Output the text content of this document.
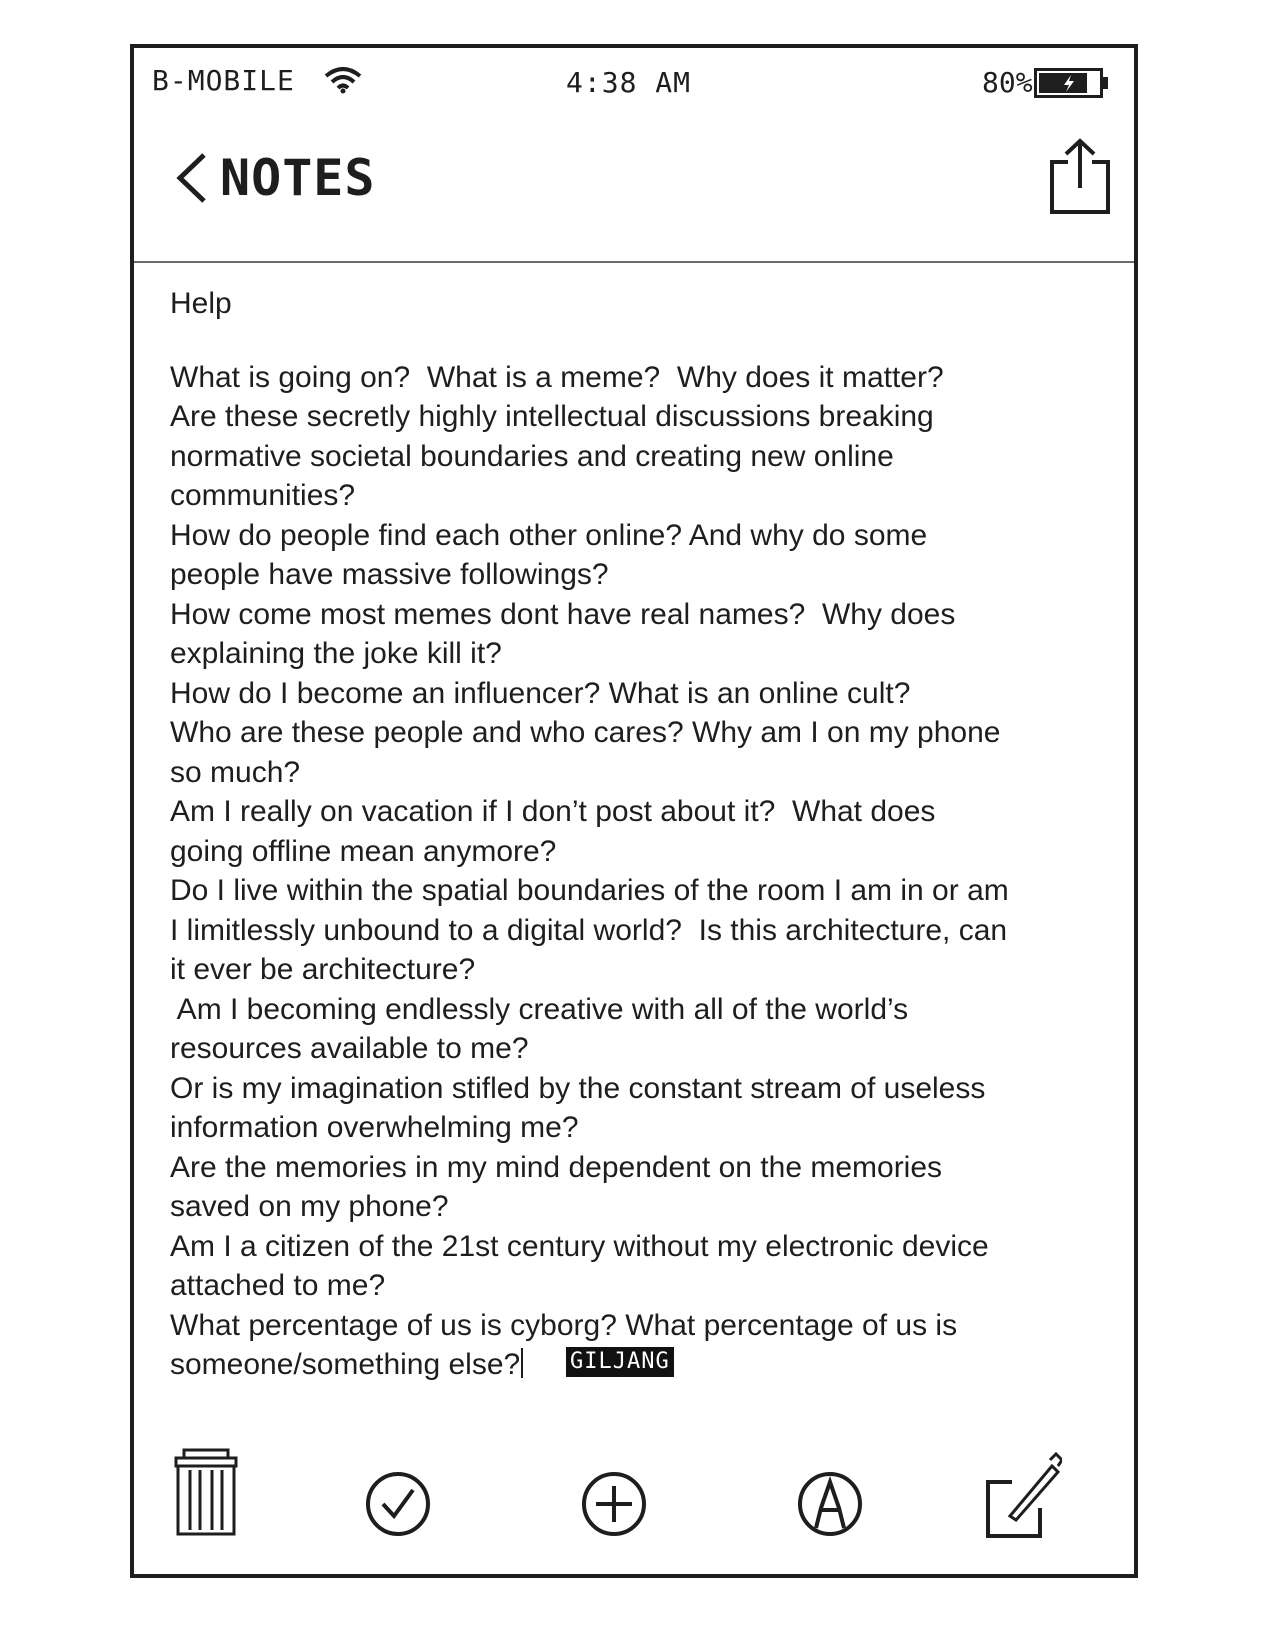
B-MOBILE	4:38 AM	80%
NOTES
Help
What is going on?  What is a meme?  Why does it matter?
Are these secretly highly intellectual discussions breaking
normative societal boundaries and creating new online
communities?
How do people find each other online? And why do some
people have massive followings?
How come most memes dont have real names?  Why does
explaining the joke kill it?
How do I become an influencer? What is an online cult?
Who are these people and who cares? Why am I on my phone
so much?
Am I really on vacation if I don’t post about it?  What does
going offline mean anymore?
Do I live within the spatial boundaries of the room I am in or am
I limitlessly unbound to a digital world?  Is this architecture, can
it ever be architecture?
Am I becoming endlessly creative with all of the world’s
resources available to me?
Or is my imagination stifled by the constant stream of useless
information overwhelming me?
Are the memories in my mind dependent on the memories
saved on my phone?
Am I a citizen of the 21st century without my electronic device
attached to me?
What percentage of us is cyborg? What percentage of us is
someone/something else?	GILJANG
